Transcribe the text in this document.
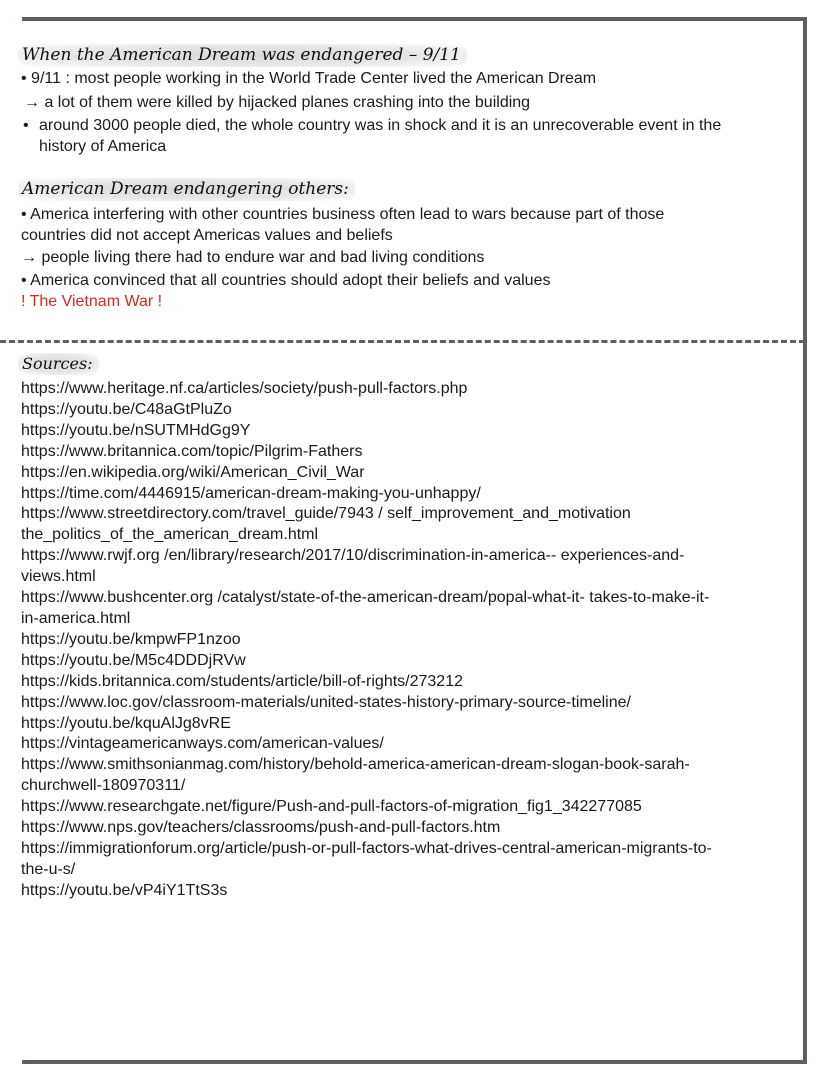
When the American Dream was endangered – 9/11
• 9/11 : most people working in the World Trade Center lived the American Dream
→ a lot of them were killed by hijacked planes crashing into the building
• around 3000 people died, the whole country was in shock and it is an unrecoverable event in the
history of America
American Dream endangering others:
• America interfering with other countries business often lead to wars because part of those
countries did not accept Americas values and beliefs
→ people living there had to endure war and bad living conditions
• America convinced that all countries should adopt their beliefs and values
! The Vietnam War !
Sources:
https://www.heritage.nf.ca/articles/society/push-pull-factors.php
https://youtu.be/C48aGtPluZo
https://youtu.be/nSUTMHdGg9Y
https://www.britannica.com/topic/Pilgrim-Fathers
https://en.wikipedia.org/wiki/American_Civil_War
https://time.com/4446915/american-dream-making-you-unhappy/
https://www.streetdirectory.com/travel_guide/7943 / self_improvement_and_motivation
the_politics_of_the_american_dream.html
https://www.rwjf.org /en/library/research/2017/10/discrimination-in-america-- experiences-and-
views.html
https://www.bushcenter.org /catalyst/state-of-the-american-dream/popal-what-it- takes-to-make-it-
in-america.html
https://youtu.be/kmpwFP1nzoo
https://youtu.be/M5c4DDDjRVw
https://kids.britannica.com/students/article/bill-of-rights/273212
https://www.loc.gov/classroom-materials/united-states-history-primary-source-timeline/
https://youtu.be/kquAlJg8vRE
https://vintageamericanways.com/american-values/
https://www.smithsonianmag.com/history/behold-america-american-dream-slogan-book-sarah-
churchwell-180970311/
https://www.researchgate.net/figure/Push-and-pull-factors-of-migration_fig1_342277085
https://www.nps.gov/teachers/classrooms/push-and-pull-factors.htm
https://immigrationforum.org/article/push-or-pull-factors-what-drives-central-american-migrants-to-
the-u-s/
https://youtu.be/vP4iY1TtS3s
